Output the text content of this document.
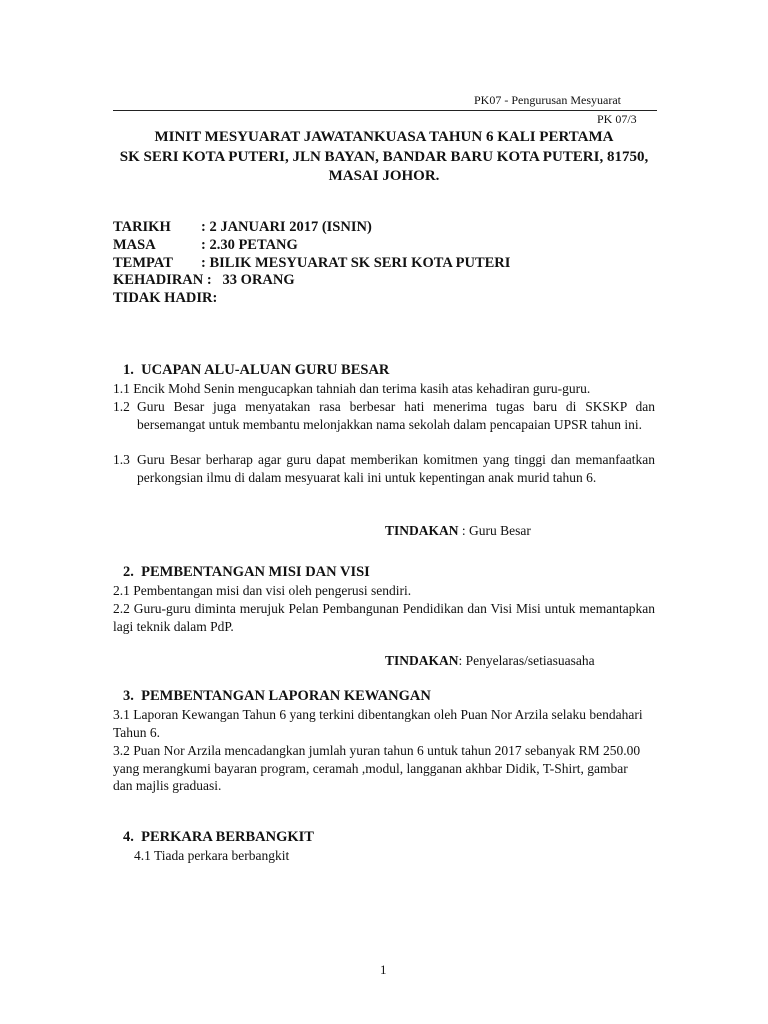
PK07 - Pengurusan Mesyuarat
PK 07/3
MINIT MESYUARAT JAWATANKUASA TAHUN 6 KALI PERTAMA
SK SERI KOTA PUTERI, JLN BAYAN, BANDAR BARU KOTA PUTERI, 81750,
MASAI JOHOR.
TARIKH : 2 JANUARI 2017 (ISNIN)
MASA	: 2.30 PETANG
TEMPAT : BILIK MESYUARAT SK SERI KOTA PUTERI
KEHADIRAN :   33 ORANG
TIDAK HADIR:
1. UCAPAN ALU-ALUAN GURU BESAR
1.1 Encik Mohd Senin mengucapkan tahniah dan terima kasih atas kehadiran guru-guru.
1.2 Guru Besar juga menyatakan rasa berbesar hati menerima tugas baru di SKSKP dan bersemangat untuk membantu melonjakkan nama sekolah dalam pencapaian UPSR tahun ini.
1.3 Guru Besar berharap agar guru dapat memberikan komitmen yang tinggi dan memanfaatkan perkongsian ilmu di dalam mesyuarat kali ini untuk kepentingan anak murid tahun 6.
TINDAKAN : Guru Besar
2. PEMBENTANGAN MISI DAN VISI
2.1 Pembentangan misi dan visi oleh pengerusi sendiri.
2.2 Guru-guru diminta merujuk Pelan Pembangunan Pendidikan dan Visi Misi untuk memantapkan lagi teknik dalam PdP.
TINDAKAN: Penyelaras/setiasuasaha
3. PEMBENTANGAN LAPORAN KEWANGAN
3.1 Laporan Kewangan Tahun 6 yang terkini dibentangkan oleh Puan Nor Arzila selaku bendahari Tahun 6.
3.2 Puan Nor Arzila mencadangkan jumlah yuran tahun 6 untuk tahun 2017 sebanyak RM 250.00 yang merangkumi bayaran program, ceramah ,modul, langganan akhbar Didik, T-Shirt, gambar dan majlis graduasi.
4. PERKARA BERBANGKIT
4.1 Tiada perkara berbangkit
1
